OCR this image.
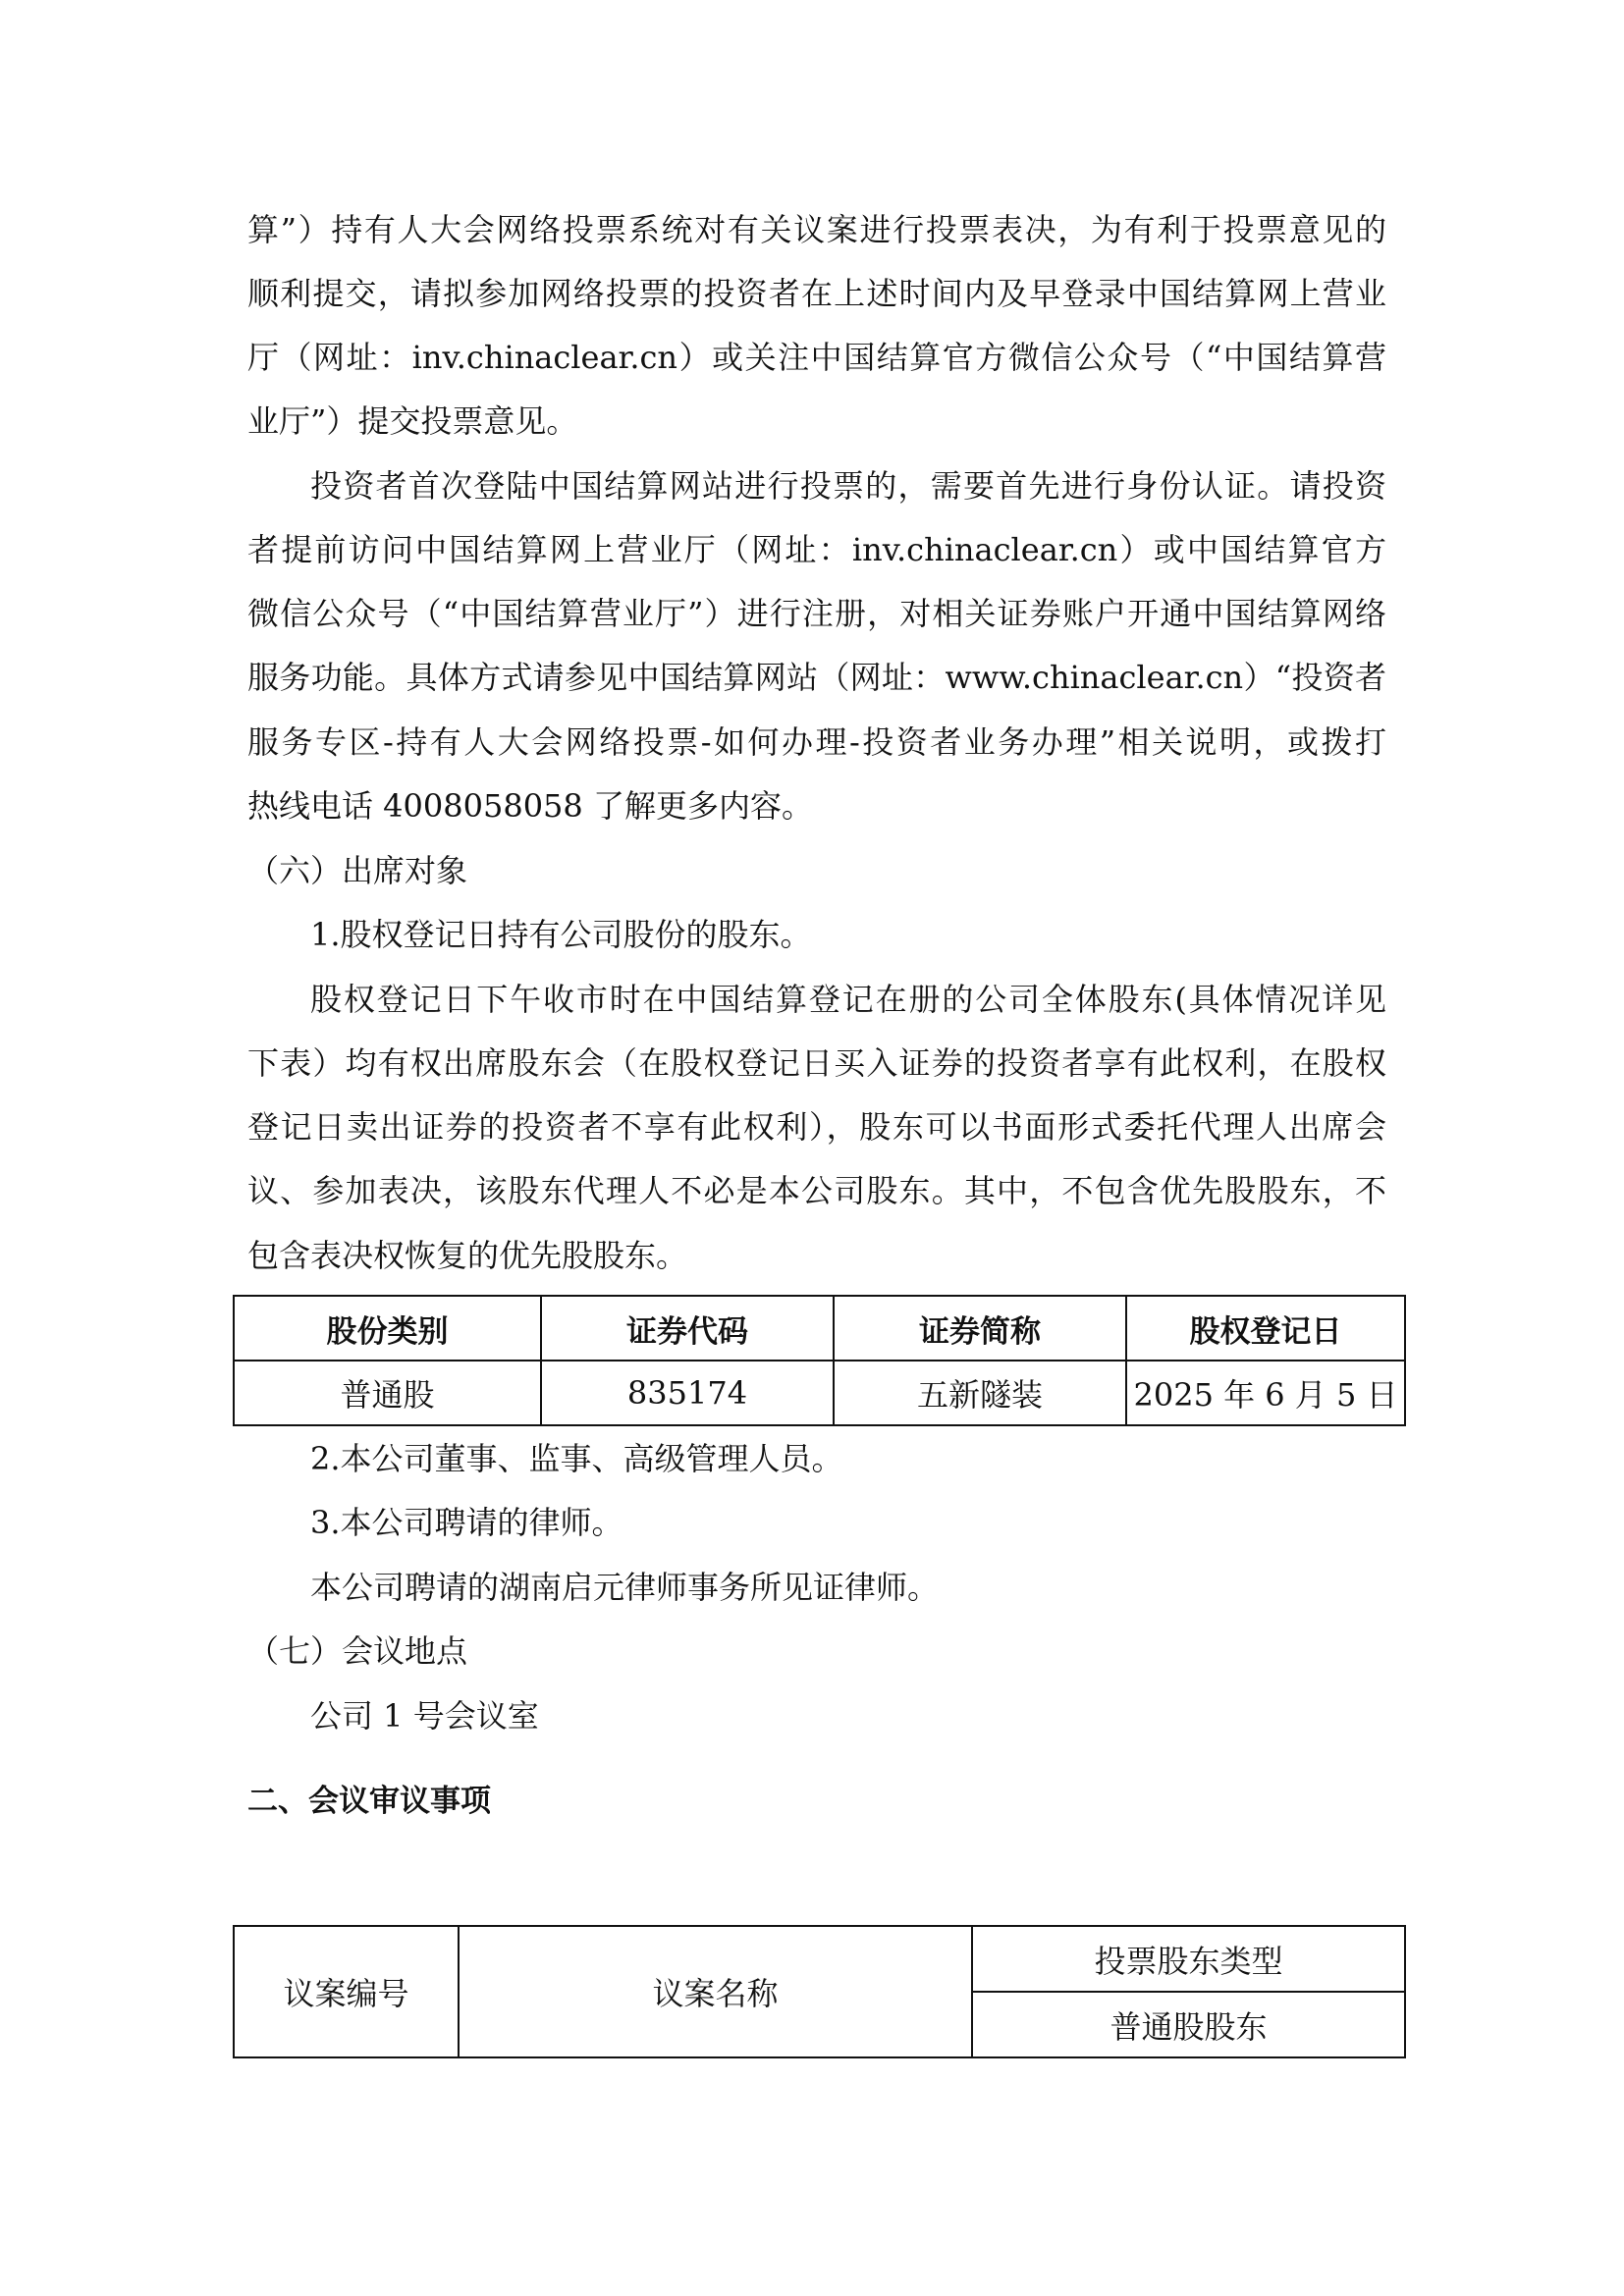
算”）持有人大会网络投票系统对有关议案进行投票表决，为有利于投票意见的

顺利提交，请拟参加网络投票的投资者在上述时间内及早登录中国结算网上营业

厅（网址：inv.chinaclear.cn）或关注中国结算官方微信公众号（“中国结算营

业厅”）提交投票意见。

投资者首次登陆中国结算网站进行投票的，需要首先进行身份认证。请投资

者提前访问中国结算网上营业厅（网址：inv.chinaclear.cn）或中国结算官方

微信公众号（“中国结算营业厅”）进行注册，对相关证券账户开通中国结算网络

服务功能。具体方式请参见中国结算网站（网址：www.chinaclear.cn）“投资者

服务专区-持有人大会网络投票-如何办理-投资者业务办理”相关说明，或拨打

热线电话 4008058058 了解更多内容。

（六）出席对象

1.股权登记日持有公司股份的股东。

股权登记日下午收市时在中国结算登记在册的公司全体股东(具体情况详见

下表）均有权出席股东会（在股权登记日买入证券的投资者享有此权利，在股权

登记日卖出证券的投资者不享有此权利），股东可以书面形式委托代理人出席会

议、参加表决，该股东代理人不必是本公司股东。其中，不包含优先股股东，不

包含表决权恢复的优先股股东。

股份类别	证券代码	证券简称	股权登记日
普通股	835174	五新隧装	2025 年 6 月 5 日

2.本公司董事、监事、高级管理人员。

3.本公司聘请的律师。

本公司聘请的湖南启元律师事务所见证律师。

（七）会议地点

公司 1 号会议室

二、会议审议事项

议案编号	议案名称	投票股东类型
普通股股东
